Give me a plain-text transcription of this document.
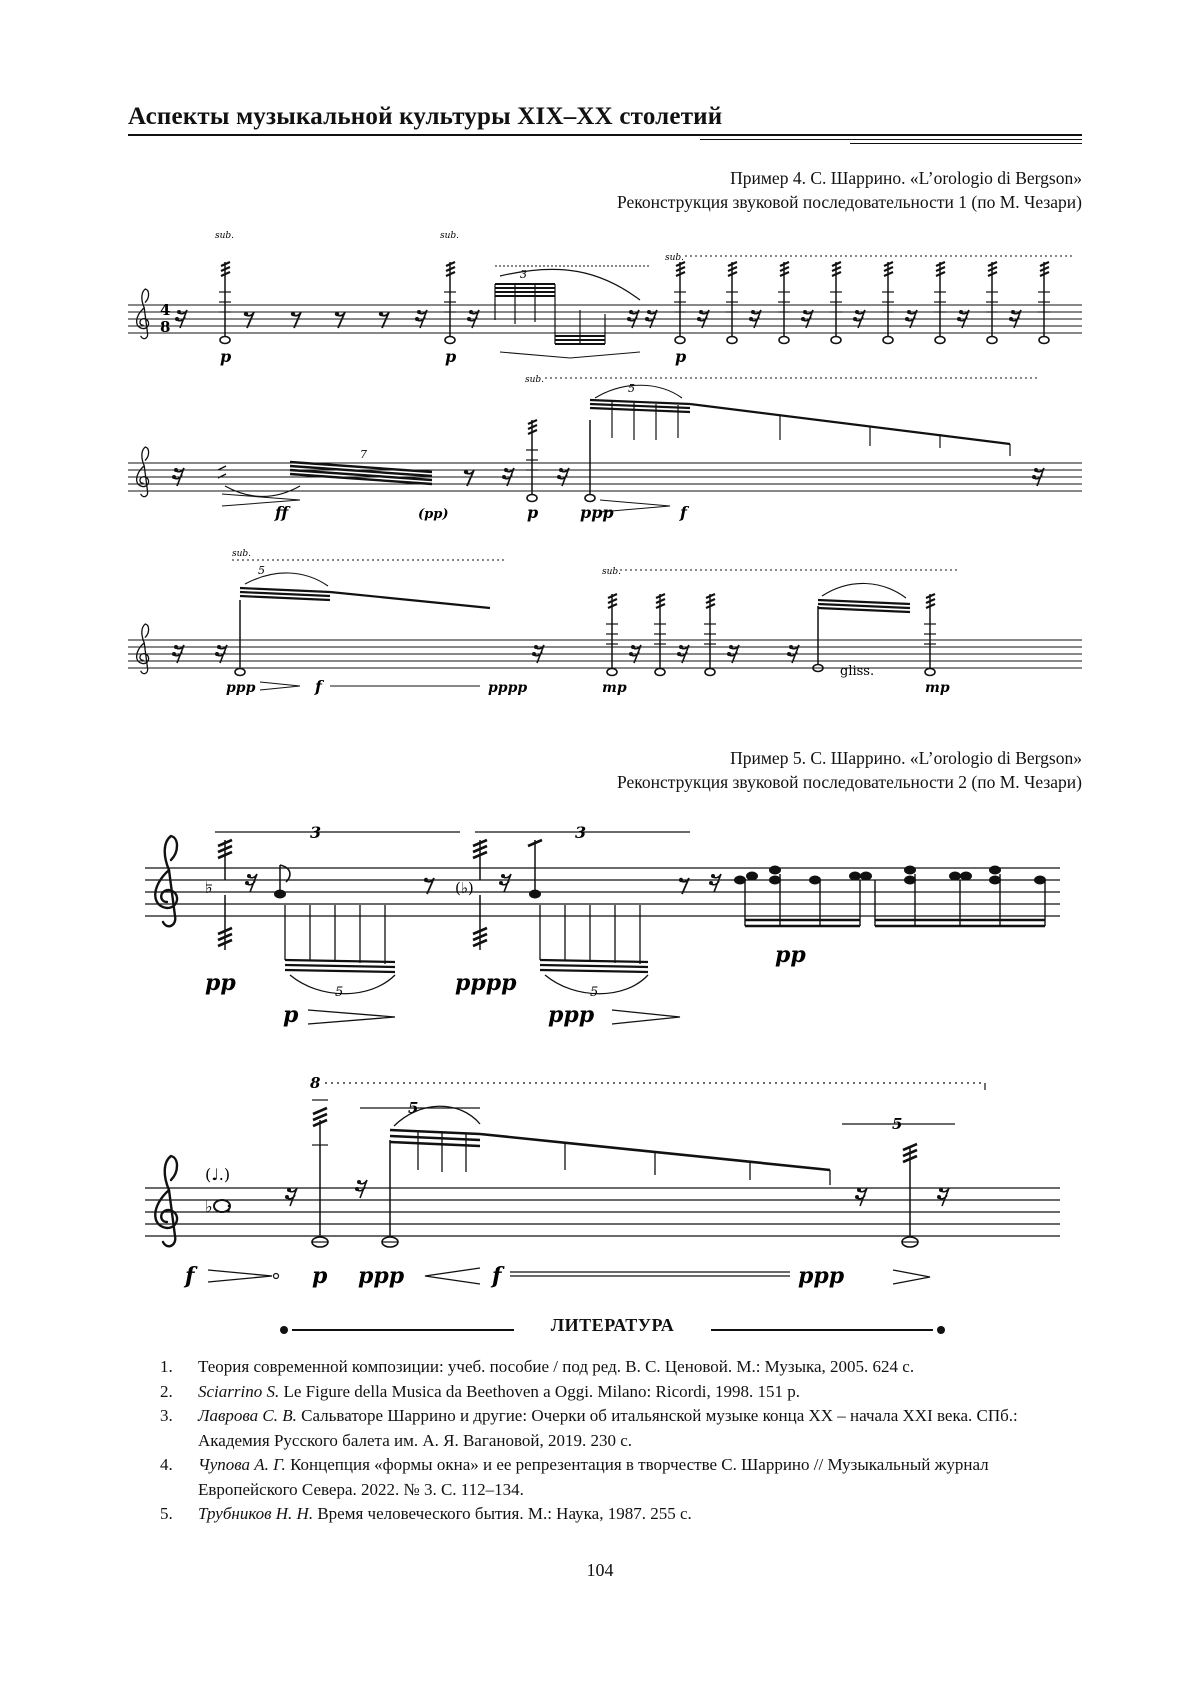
Аспекты музыкальной культуры XIX–XX столетий
Пример 4. С. Шаррино. «L’orologio di Bergson»
Реконструкция звуковой последовательности 1 (по М. Чезари)
Пример 5. С. Шаррино. «L’orologio di Bergson»
Реконструкция звуковой последовательности 2 (по М. Чезари)
4
8
sub.	sub.
3
sub.
p	p	p
7
sub.
5
ff	(pp)	p	ppp	f
sub.
5	sub.
gliss.
ppp	f	pppp	mp	mp
3	3
♭
5
(♭)
5
pp
p
pppp
ppp
pp
8
(♩.)
♭ :
5
5
f	p ppp	f	ppp
ЛИТЕРАТУРА
1. Теория современной композиции: учеб. пособие / под ред. В. С. Ценовой. М.: Музыка, 2005. 624 с.
2. Sciarrino S. Le Figure della Musica da Beethoven a Oggi. Milano: Ricordi, 1998. 151 p.
3. Лаврова С. В. Сальваторе Шаррино и другие: Очерки об итальянской музыке конца ХХ – начала XXI века. СПб.: Академия Русского балета им. А. Я. Вагановой, 2019. 230 с.
4. Чупова А. Г. Концепция «формы окна» и ее репрезентация в творчестве С. Шаррино // Музыкальный журнал Европейского Севера. 2022. № 3. С. 112–134.
5. Трубников Н. Н. Время человеческого бытия. М.: Наука, 1987. 255 с.
104
